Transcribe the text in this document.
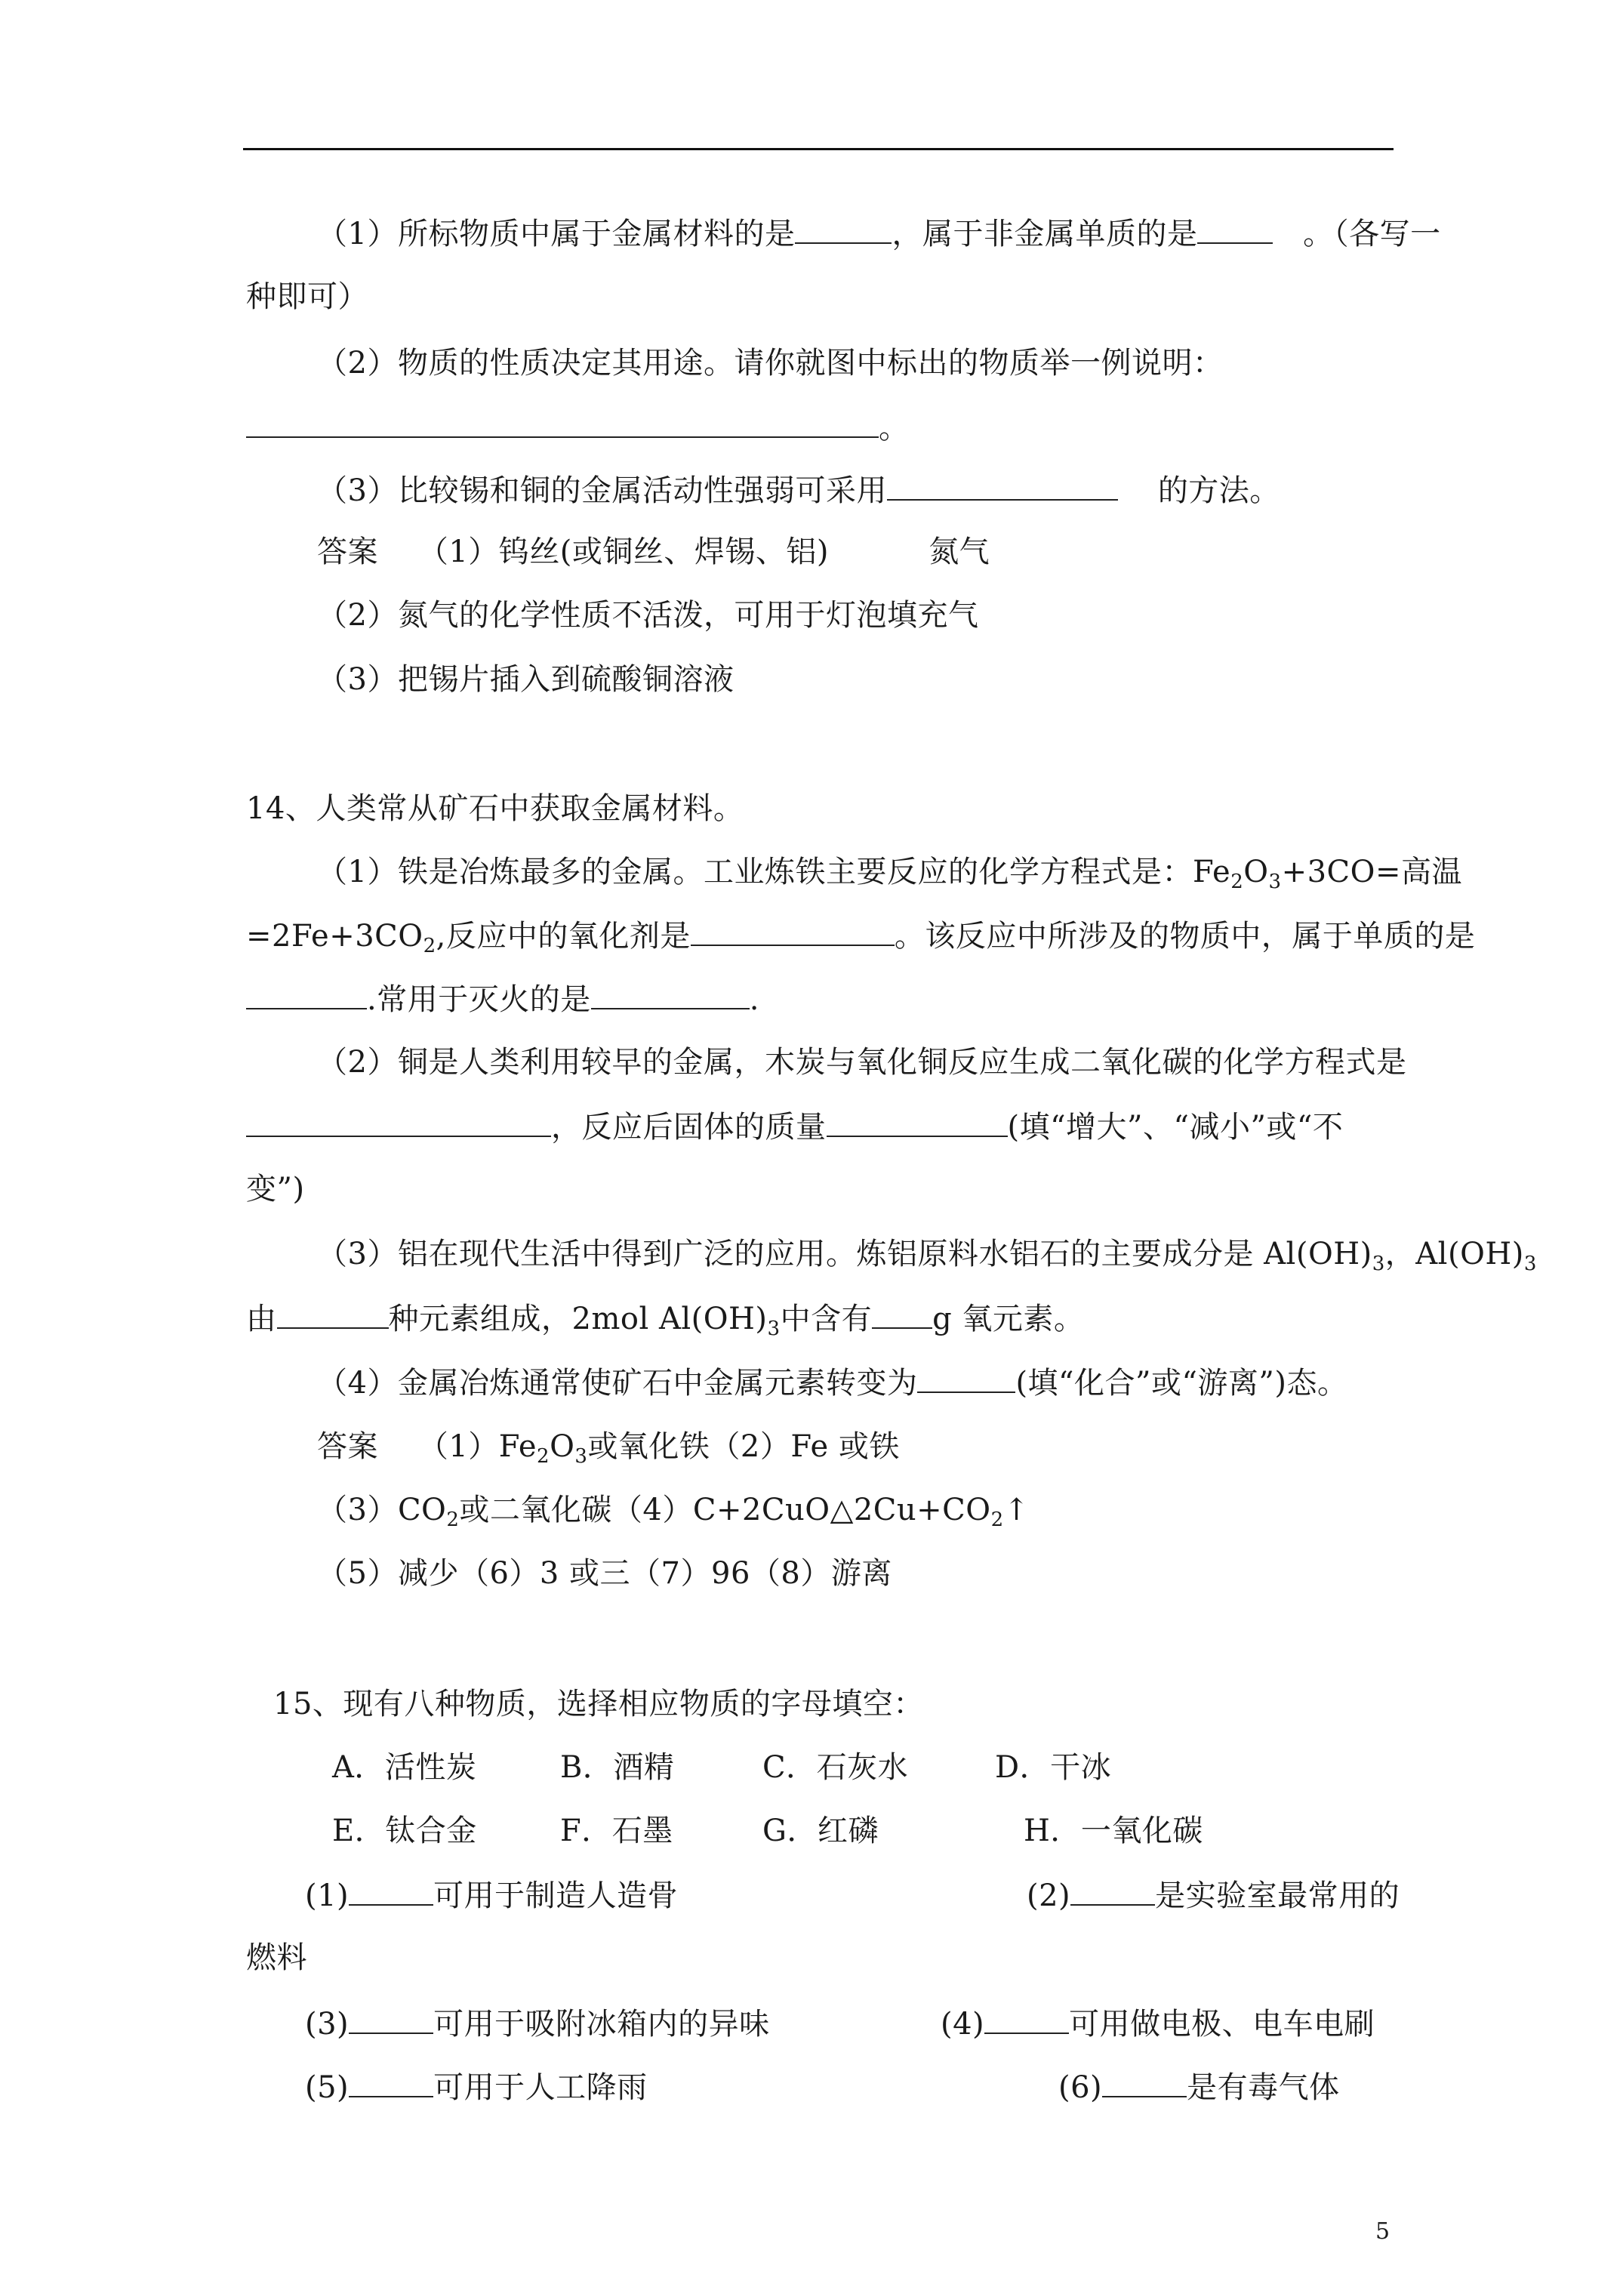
（1）所标物质中属于金属材料的是	，属于非金属单质的是	。（各写一
种即可）
（2）物质的性质决定其用途。请你就图中标出的物质举一例说明：
。
（3）比较锡和铜的金属活动性强弱可采用	的方法。
答案 （1）钨丝(或铜丝、焊锡、铝)	氮气
（2）氮气的化学性质不活泼，可用于灯泡填充气
（3）把锡片插入到硫酸铜溶液
14、人类常从矿石中获取金属材料。
（1）铁是冶炼最多的金属。工业炼铁主要反应的化学方程式是：$Fe_2O_3+3CO=$高温
$=2Fe+3CO_2$,反应中的氧化剂是	。该反应中所涉及的物质中，属于单质的是
.常用于灭火的是	.
（2）铜是人类利用较早的金属，木炭与氧化铜反应生成二氧化碳的化学方程式是
，反应后固体的质量	(填“增大”、“减小”或“不
变”)
（3）铝在现代生活中得到广泛的应用。炼铝原料水铝石的主要成分是 $Al(OH)_3$，$Al(OH)_3$
由	种元素组成，2mol $Al(OH)_3$中含有 g 氧元素。
（4）金属冶炼通常使矿石中金属元素转变为	(填“化合”或“游离”)态。
答案 $(1)Fe_2O_3$或氧化铁（2）Fe 或铁
$(3)CO_2$或二氧化碳$(4)C+2CuO\triangle 2Cu+CO_2↑$
（5）减少（6）3 或三（7）96（8）游离
15、现有八种物质，选择相应物质的字母填空：
A．活性炭	B．酒精	C．石灰水	D．干冰
E．钛合金	F．石墨	G．红磷	H．一氧化碳
(1)	可用于制造人造骨	(2)	是实验室最常用的
燃料
(3)	可用于吸附冰箱内的异味	(4)	可用做电极、电车电刷
(5)	可用于人工降雨	(6)	是有毒气体
5
